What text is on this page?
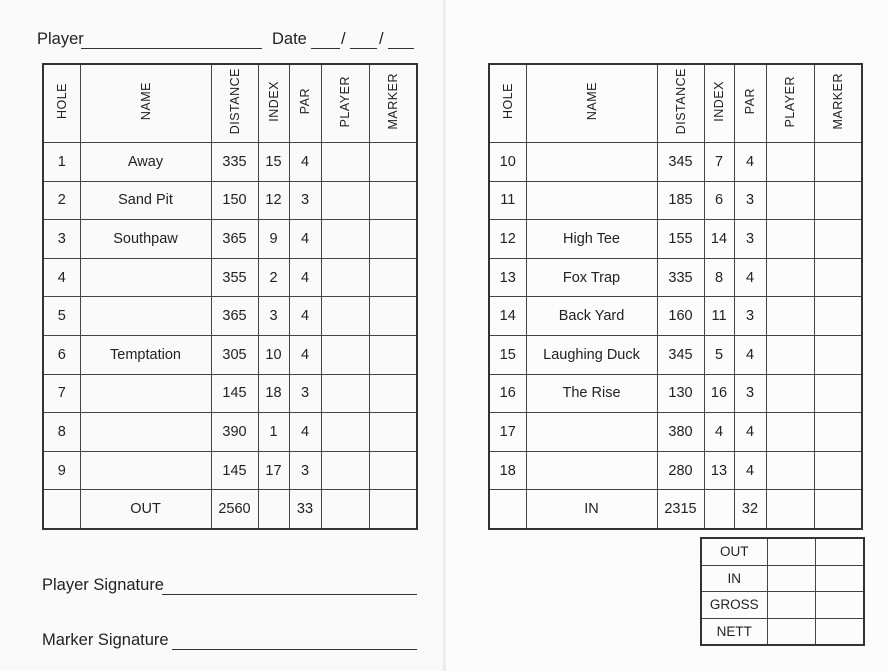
Player	Date / /
HOLE	NAME	DISTANCE	INDEX	PAR	PLAYER	MARKER
1	Away	335	15	4		
2	Sand Pit	150	12	3		
3	Southpaw	365	9	4		
4		355	2	4		
5		365	3	4		
6	Temptation	305	10	4		
7		145	18	3		
8		390	1	4		
9		145	17	3		
	OUT	2560		33		
HOLE	NAME	DISTANCE	INDEX	PAR	PLAYER	MARKER
10		345	7	4		
11		185	6	3		
12	High Tee	155	14	3		
13	Fox Trap	335	8	4		
14	Back Yard	160	11	3		
15	Laughing Duck	345	5	4		
16	The Rise	130	16	3		
17		380	4	4		
18		280	13	4		
	IN	2315		32		
Player Signature
Marker Signature
OUT		
IN		
GROSS		
NETT		
